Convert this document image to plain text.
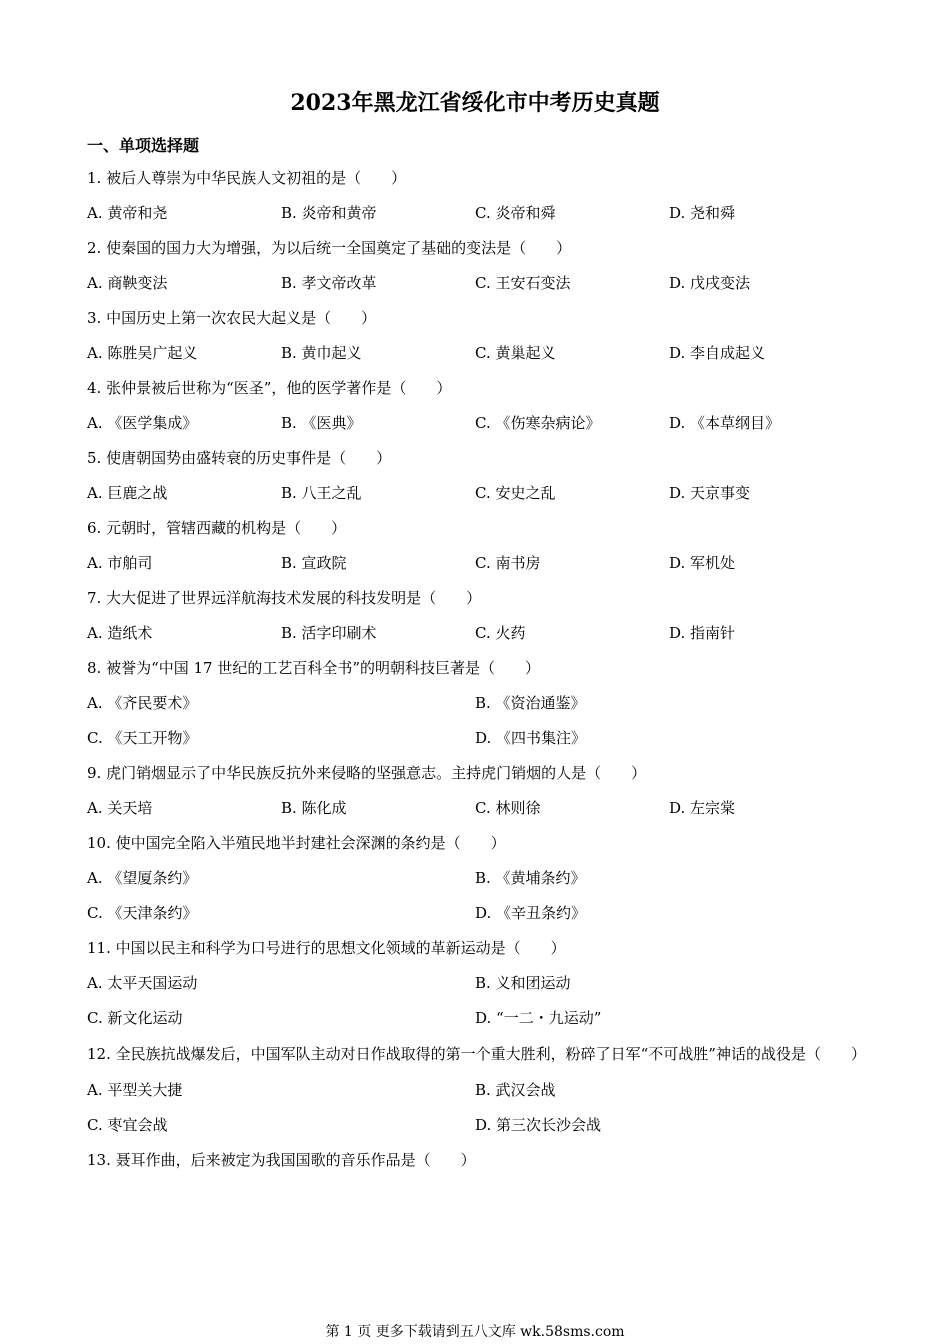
2023年黑龙江省绥化市中考历史真题
一、单项选择题

1. 被后人尊崇为中华民族人文初祖的是（　　）

A. 黄帝和尧	B. 炎帝和黄帝	C. 炎帝和舜	D. 尧和舜

2. 使秦国的国力大为增强，为以后统一全国奠定了基础的变法是（　　）

A. 商鞅变法	B. 孝文帝改革	C. 王安石变法	D. 戊戌变法

3. 中国历史上第一次农民大起义是（　　）

A. 陈胜吴广起义	B. 黄巾起义	C. 黄巢起义	D. 李自成起义

4. 张仲景被后世称为“医圣”，他的医学著作是（　　）

A. 《医学集成》	B. 《医典》	C. 《伤寒杂病论》	D. 《本草纲目》

5. 使唐朝国势由盛转衰的历史事件是（　　）

A. 巨鹿之战	B. 八王之乱	C. 安史之乱	D. 天京事变

6. 元朝时，管辖西藏的机构是（　　）

A. 市舶司	B. 宣政院	C. 南书房	D. 军机处

7. 大大促进了世界远洋航海技术发展的科技发明是（　　）

A. 造纸术	B. 活字印刷术	C. 火药	D. 指南针

8. 被誉为“中国 17 世纪的工艺百科全书”的明朝科技巨著是（　　）

A. 《齐民要术》	B. 《资治通鉴》
C. 《天工开物》	D. 《四书集注》

9. 虎门销烟显示了中华民族反抗外来侵略的坚强意志。主持虎门销烟的人是（　　）

A. 关天培	B. 陈化成	C. 林则徐	D. 左宗棠

10. 使中国完全陷入半殖民地半封建社会深渊的条约是（　　）

A. 《望厦条约》	B. 《黄埔条约》
C. 《天津条约》	D. 《辛丑条约》

11. 中国以民主和科学为口号进行的思想文化领域的革新运动是（　　）

A. 太平天国运动	B. 义和团运动
C. 新文化运动	D. “一二・九运动”

12. 全民族抗战爆发后，中国军队主动对日作战取得的第一个重大胜利，粉碎了日军“不可战胜”神话的战役是（　　）

A. 平型关大捷	B. 武汉会战
C. 枣宜会战	D. 第三次长沙会战

13. 聂耳作曲，后来被定为我国国歌的音乐作品是（　　）

第 1 页 更多下载请到五八文库 wk.58sms.com
